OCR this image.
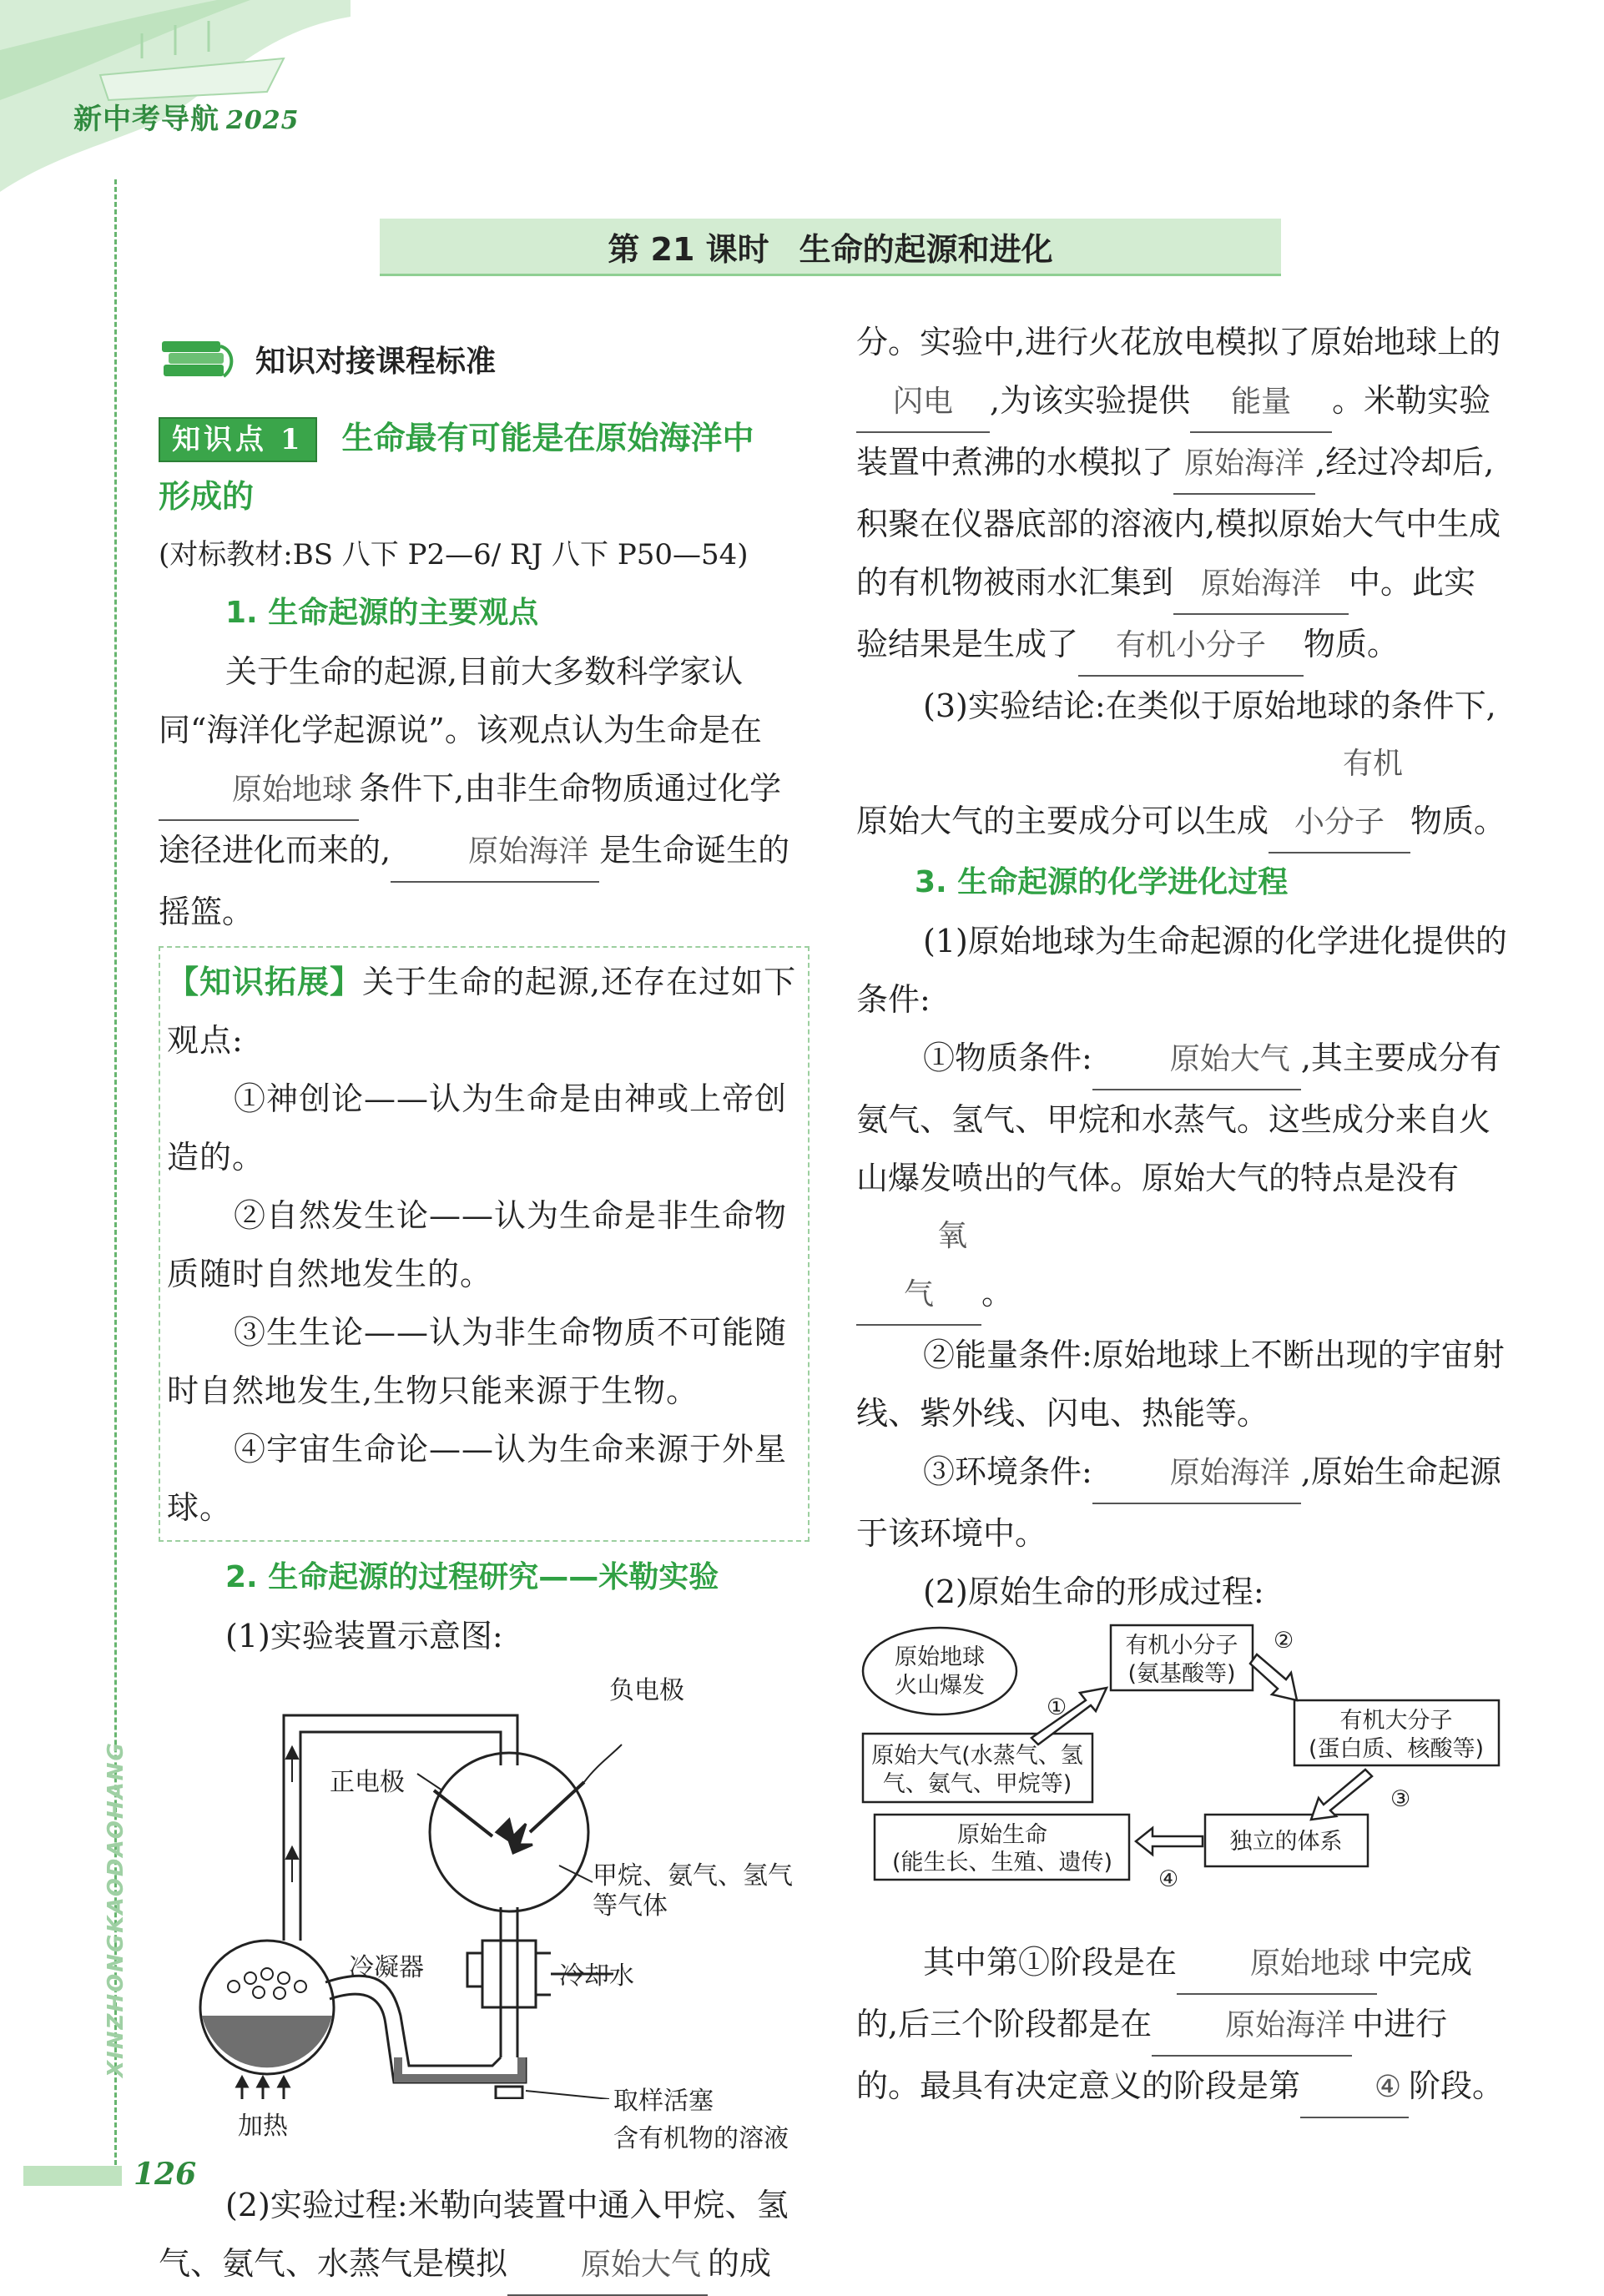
新中考导航 2025
XINZHONGKAODAOHANG
第 21 课时 生命的起源和进化
知识对接课程标准

知识点 1 生命最有可能是在原始海洋中

形成的

(对标教材:BS 八下 P2—6/ RJ 八下 P50—54)

1. 生命起源的主要观点

关于生命的起源,目前大多数科学家认同“海洋化学起源说”。该观点认为生命是在原始地球 条件下,由非生命物质通过化学途径进化而来的,	原始海洋 是生命诞生的摇篮。

【知识拓展】关于生命的起源,还存在过如下观点:

①神创论——认为生命是由神或上帝创造的。

②自然发生论——认为生命是非生命物质随时自然地发生的。

③生生论——认为非生命物质不可能随时自然地发生,生物只能来源于生物。

④宇宙生命论——认为生命来源于外星球。

2. 生命起源的过程研究——米勒实验

(1)实验装置示意图:

负电极
正电极
甲烷、氨气、氢气
等气体
冷凝器	冷却水
取样活塞
加热	含有机物的溶液

(2)实验过程:米勒向装置中通入甲烷、氢气、氨气、水蒸气是模拟 原始大气 的成

分。实验中,进行火花放电模拟了原始地球上的闪电 ,为该实验提供 能量 。米勒实验装置中煮沸的水模拟了 原始海洋 ,经过冷却后,积聚在仪器底部的溶液内,模拟原始大气中生成的有机物被雨水汇集到 原始海洋 中。此实验结果是生成了 有机小分子 物质。

(3)实验结论:在类似于原始地球的条件下,原始大气的主要成分可以生成有机小分子 物质。

3. 生命起源的化学进化过程

(1)原始地球为生命起源的化学进化提供的条件:

①物质条件:	原始大气 ,其主要成分有氨气、氢气、甲烷和水蒸气。这些成分来自火山爆发喷出的气体。原始大气的特点是没有氧气 。

②能量条件:原始地球上不断出现的宇宙射线、紫外线、闪电、热能等。

③环境条件:	原始海洋 ,原始生命起源于该环境中。

(2)原始生命的形成过程:

原始地球
火山爆发
原始大气(水蒸气、氢
气、氨气、甲烷等)
有机小分子
(氨基酸等)
有机大分子
(蛋白质、核酸等)
独立的体系
原始生命
(能生长、生殖、遗传)
①
②
③
④

其中第①阶段是在 原始地球 中完成的,后三个阶段都是在 原始海洋 中进行的。最具有决定意义的阶段是第 ④ 阶段。

126
